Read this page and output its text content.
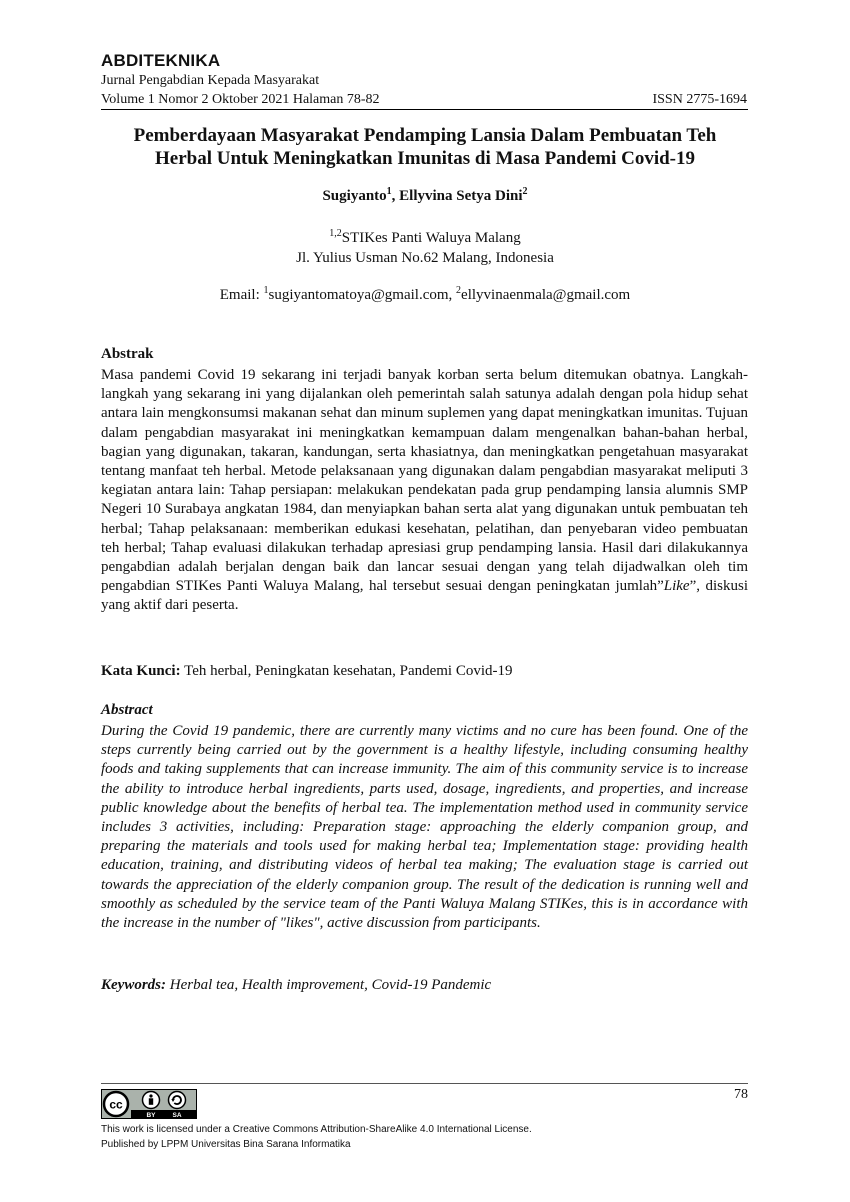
ABDITEKNIKA
Jurnal Pengabdian Kepada Masyarakat
Volume 1 Nomor 2 Oktober 2021 Halaman 78-82	ISSN 2775-1694
Pemberdayaan Masyarakat Pendamping Lansia Dalam Pembuatan Teh
Herbal Untuk Meningkatkan Imunitas di Masa Pandemi Covid-19
Sugiyanto$^1$, Ellyvina Setya Dini$^2$
$^{1,2}$STIKes Panti Waluya Malang
Jl. Yulius Usman No.62 Malang, Indonesia
Email: $^1$sugiyantomatoya@gmail.com, $^2$ellyvinaenmala@gmail.com
Abstrak
Masa pandemi Covid 19 sekarang ini terjadi banyak korban serta belum ditemukan obatnya. Langkah-langkah yang sekarang ini yang dijalankan oleh pemerintah salah satunya adalah dengan pola hidup sehat antara lain mengkonsumsi makanan sehat dan minum suplemen yang dapat meningkatkan imunitas. Tujuan dalam pengabdian masyarakat ini meningkatkan kemampuan dalam mengenalkan bahan-bahan herbal, bagian yang digunakan, takaran, kandungan, serta khasiatnya, dan meningkatkan pengetahuan masyarakat tentang manfaat teh herbal. Metode pelaksanaan yang digunakan dalam pengabdian masyarakat meliputi 3 kegiatan antara lain: Tahap persiapan: melakukan pendekatan pada grup pendamping lansia alumnis SMP Negeri 10 Surabaya angkatan 1984, dan menyiapkan bahan serta alat yang digunakan untuk pembuatan teh herbal; Tahap pelaksanaan: memberikan edukasi kesehatan, pelatihan, dan penyebaran video pembuatan teh herbal; Tahap evaluasi dilakukan terhadap apresiasi grup pendamping lansia. Hasil dari dilakukannya pengabdian adalah berjalan dengan baik dan lancar sesuai dengan yang telah dijadwalkan oleh tim pengabdian STIKes Panti Waluya Malang, hal tersebut sesuai dengan peningkatan jumlah”Like”, diskusi yang aktif dari peserta.
Kata Kunci: Teh herbal, Peningkatan kesehatan, Pandemi Covid-19
Abstract
During the Covid 19 pandemic, there are currently many victims and no cure has been found. One of the steps currently being carried out by the government is a healthy lifestyle, including consuming healthy foods and taking supplements that can increase immunity. The aim of this community service is to increase the ability to introduce herbal ingredients, parts used, dosage, ingredients, and properties, and increase public knowledge about the benefits of herbal tea. The implementation method used in community service includes 3 activities, including: Preparation stage: approaching the elderly companion group, and preparing the materials and tools used for making herbal tea; Implementation stage: providing health education, training, and distributing videos of herbal tea making; The evaluation stage is carried out towards the appreciation of the elderly companion group. The result of the dedication is running well and smoothly as scheduled by the service team of the Panti Waluya Malang STIKes, this is in accordance with the increase in the number of "likes", active discussion from participants.
Keywords: Herbal tea, Health improvement, Covid-19 Pandemic
78
cc
BY	SA
This work is licensed under a Creative Commons Attribution-ShareAlike 4.0 International License.
Published by LPPM Universitas Bina Sarana Informatika
